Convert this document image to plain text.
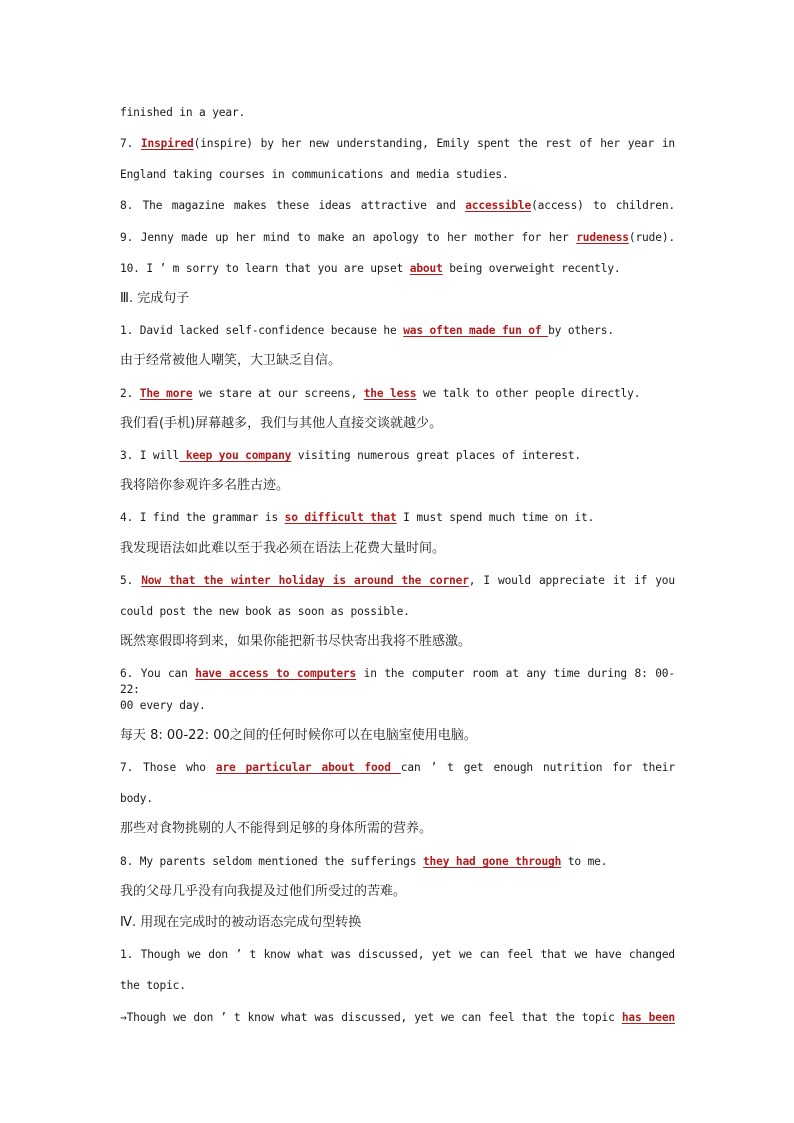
finished in a year.
7. Inspired(inspire) by her new understanding, Emily spent the rest of her year in
England taking courses in communications and media studies.
8. The magazine makes these ideas attractive and accessible(access) to children.
9. Jenny made up her mind to make an apology to her mother for her rudeness(rude).
10. I ’ m sorry to learn that you are upset about being overweight recently.
Ⅲ. 完成句子
1. David lacked self-confidence because he was often made fun of by others.
由于经常被他人嘲笑，大卫缺乏自信。
2. The more we stare at our screens, the less we talk to other people directly.
我们看(手机)屏幕越多，我们与其他人直接交谈就越少。
3. I will keep you company visiting numerous great places of interest.
我将陪你参观许多名胜古迹。
4. I find the grammar is so difficult that I must spend much time on it.
我发现语法如此难以至于我必须在语法上花费大量时间。
5. Now that the winter holiday is around the corner, I would appreciate it if you
could post the new book as soon as possible.
既然寒假即将到来，如果你能把新书尽快寄出我将不胜感激。
6. You can have access to computers in the computer room at any time during 8: 00-22:
00 every day.
每天 8: 00-22: 00之间的任何时候你可以在电脑室使用电脑。
7. Those who are particular about food can ’ t get enough nutrition for their
body.
那些对食物挑剔的人不能得到足够的身体所需的营养。
8. My parents seldom mentioned the sufferings they had gone through to me.
我的父母几乎没有向我提及过他们所受过的苦难。
Ⅳ. 用现在完成时的被动语态完成句型转换
1. Though we don ’ t know what was discussed, yet we can feel that we have changed
the topic.
→Though we don ’ t know what was discussed, yet we can feel that the topic has been
